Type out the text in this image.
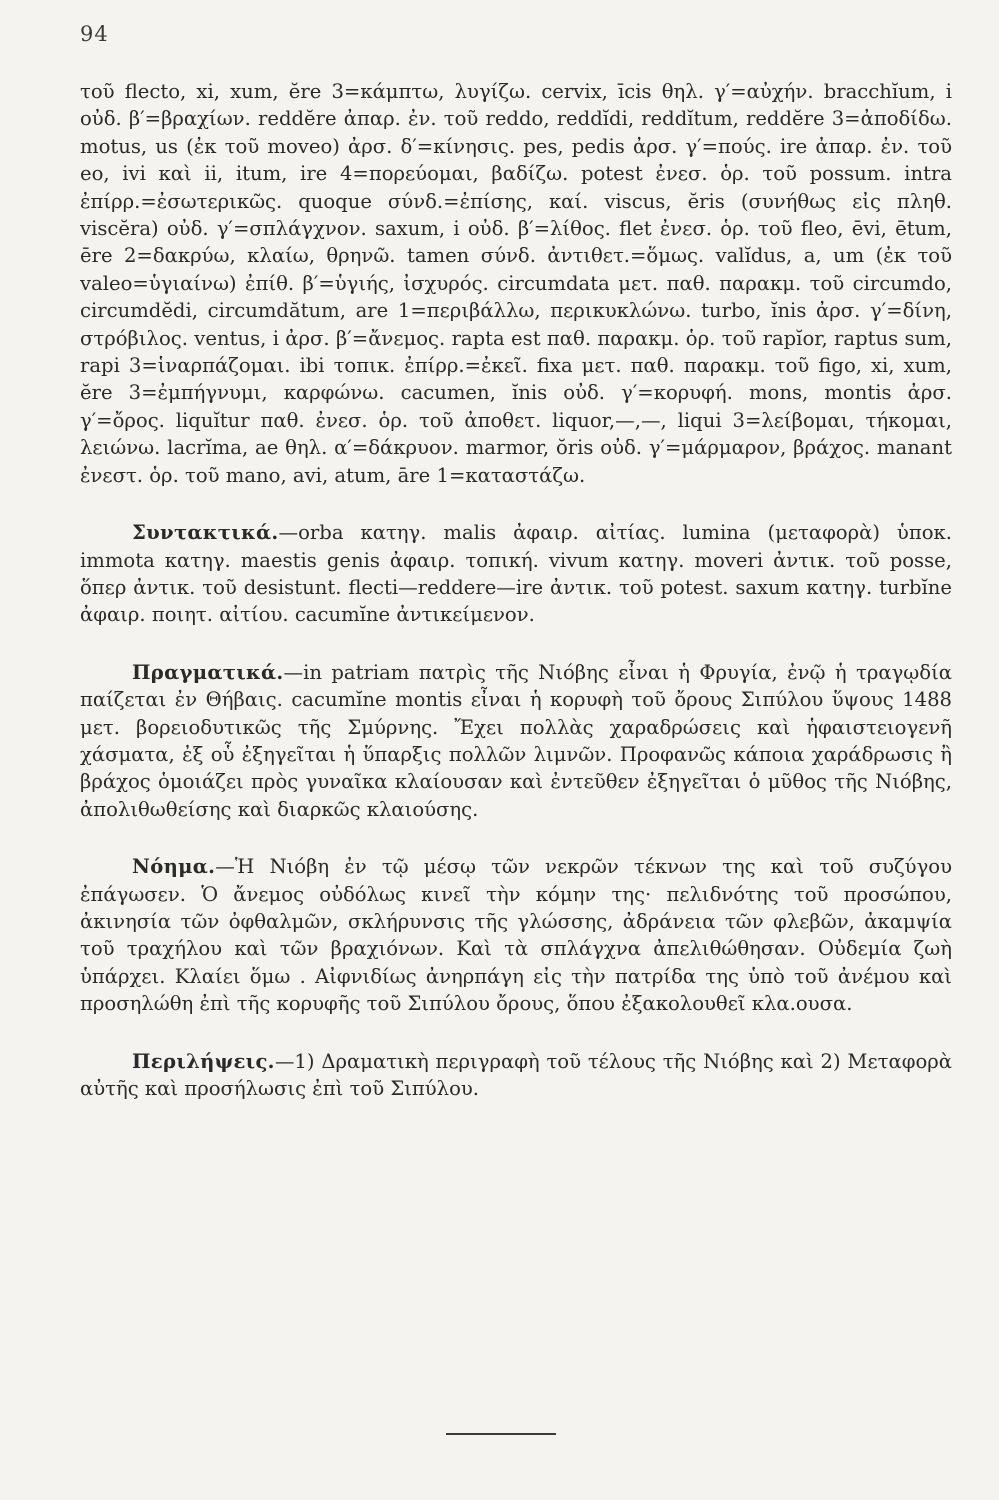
94

τοῦ flecto, xi, xum, ĕre 3=κάμπτω, λυγίζω. cervix, īcis θηλ. γ′=αὐχήν. bracchĭum, i οὐδ. β′=βραχίων. reddĕre ἀπαρ. ἐν. τοῦ reddo, reddĭdi, reddĭtum, reddĕre 3=ἀποδίδω. motus, us (ἐκ τοῦ moveo) ἀρσ. δ′=κίνησις. pes, pedis ἀρσ. γ′=πούς. ire ἀπαρ. ἐν. τοῦ eo, ivi καὶ ii, itum, ire 4=πορεύομαι, βαδίζω. potest ἐνεσ. ὁρ. τοῦ possum. intra ἐπίρρ.=ἐσωτερικῶς. quoque σύνδ.=ἐπίσης, καί. viscus, ĕris (συνήθως εἰς πληθ. viscĕra) οὐδ. γ′=σπλάγχνον. saxum, i οὐδ. β′=λίθος. flet ἐνεσ. ὁρ. τοῦ fleo, ēvi, ētum, ēre 2=δακρύω, κλαίω, θρηνῶ. tamen σύνδ. ἀντιθετ.=ὅμως. valĭdus, a, um (ἐκ τοῦ valeo=ὑγιαίνω) ἐπίθ. β′=ὑγιής, ἰσχυρός. circumdata μετ. παθ. παρακμ. τοῦ circumdo, circumdĕdi, circumdătum, are 1=περιβάλλω, περικυκλώνω. turbo, ĭnis ἀρσ. γ′=δίνη, στρόβιλος. ventus, i ἀρσ. β′=ἄνεμος. rapta est παθ. παρακμ. ὁρ. τοῦ rapĭor, raptus sum, rapi 3=ἱναρπάζομαι. ibi τοπικ. ἐπίρρ.=ἐκεῖ. fixa μετ. παθ. παρακμ. τοῦ figo, xi, xum, ĕre 3=ἐμπήγνυμι, καρφώνω. cacumen, ĭnis οὐδ. γ′=κορυφή. mons, montis ἀρσ. γ′=ὄρος. liquĭtur παθ. ἐνεσ. ὁρ. τοῦ ἀποθετ. liquor,—,—, liqui 3=λείβομαι, τήκομαι, λειώνω. lacrĭma, ae θηλ. α′=δάκρυον. marmor, ŏris οὐδ. γ′=μάρμαρον, βράχος. manant ἐνεστ. ὁρ. τοῦ mano, avi, atum, āre 1=καταστάζω.

Συντακτικά.—orba κατηγ. malis ἀφαιρ. αἰτίας. lumina (μεταφορὰ) ὑποκ. immota κατηγ. maestis genis ἀφαιρ. τοπική. vivum κατηγ. moveri ἀντικ. τοῦ posse, ὅπερ ἀντικ. τοῦ desistunt. flecti—reddere—ire ἀντικ. τοῦ potest. saxum κατηγ. turbĭne ἀφαιρ. ποιητ. αἰτίου. cacumĭne ἀντικείμενον.

Πραγματικά.—in patriam πατρὶς τῆς Νιόβης εἶναι ἡ Φρυγία, ἐνῷ ἡ τραγῳδία παίζεται ἐν Θήβαις. cacumĭne montis εἶναι ἡ κορυφὴ τοῦ ὄρους Σιπύλου ὕψους 1488 μετ. βορειοδυτικῶς τῆς Σμύρνης. Ἔχει πολλὰς χαραδρώσεις καὶ ἡφαιστειογενῆ χάσματα, ἐξ οὗ ἐξηγεῖται ἡ ὕπαρξις πολλῶν λιμνῶν. Προφανῶς κάποια χαράδρωσις ἢ βράχος ὁμοιάζει πρὸς γυναῖκα κλαίουσαν καὶ ἐντεῦθεν ἐξηγεῖται ὁ μῦθος τῆς Νιόβης, ἀπολιθωθείσης καὶ διαρκῶς κλαιούσης.

Νόημα.—Ἡ Νιόβη ἐν τῷ μέσῳ τῶν νεκρῶν τέκνων της καὶ τοῦ συζύγου ἐπάγωσεν. Ὁ ἄνεμος οὐδόλως κινεῖ τὴν κόμην της· πελιδνότης τοῦ προσώπου, ἀκινησία τῶν ὀφθαλμῶν, σκλήρυνσις τῆς γλώσσης, ἀδράνεια τῶν φλεβῶν, ἀκαμψία τοῦ τραχήλου καὶ τῶν βραχιόνων. Καὶ τὰ σπλάγχνα ἀπελιθώθησαν. Οὐδεμία ζωὴ ὑπάρχει. Κλαίει ὅμω . Αἰφνιδίως ἀνηρπάγη εἰς τὴν πατρίδα της ὑπὸ τοῦ ἀνέμου καὶ προσηλώθη ἐπὶ τῆς κορυφῆς τοῦ Σιπύλου ὄρους, ὅπου ἐξακολουθεῖ κλα.ουσα.

Περιλήψεις.—1) Δραματικὴ περιγραφὴ τοῦ τέλους τῆς Νιόβης καὶ 2) Μεταφορὰ αὐτῆς καὶ προσήλωσις ἐπὶ τοῦ Σιπύλου.
